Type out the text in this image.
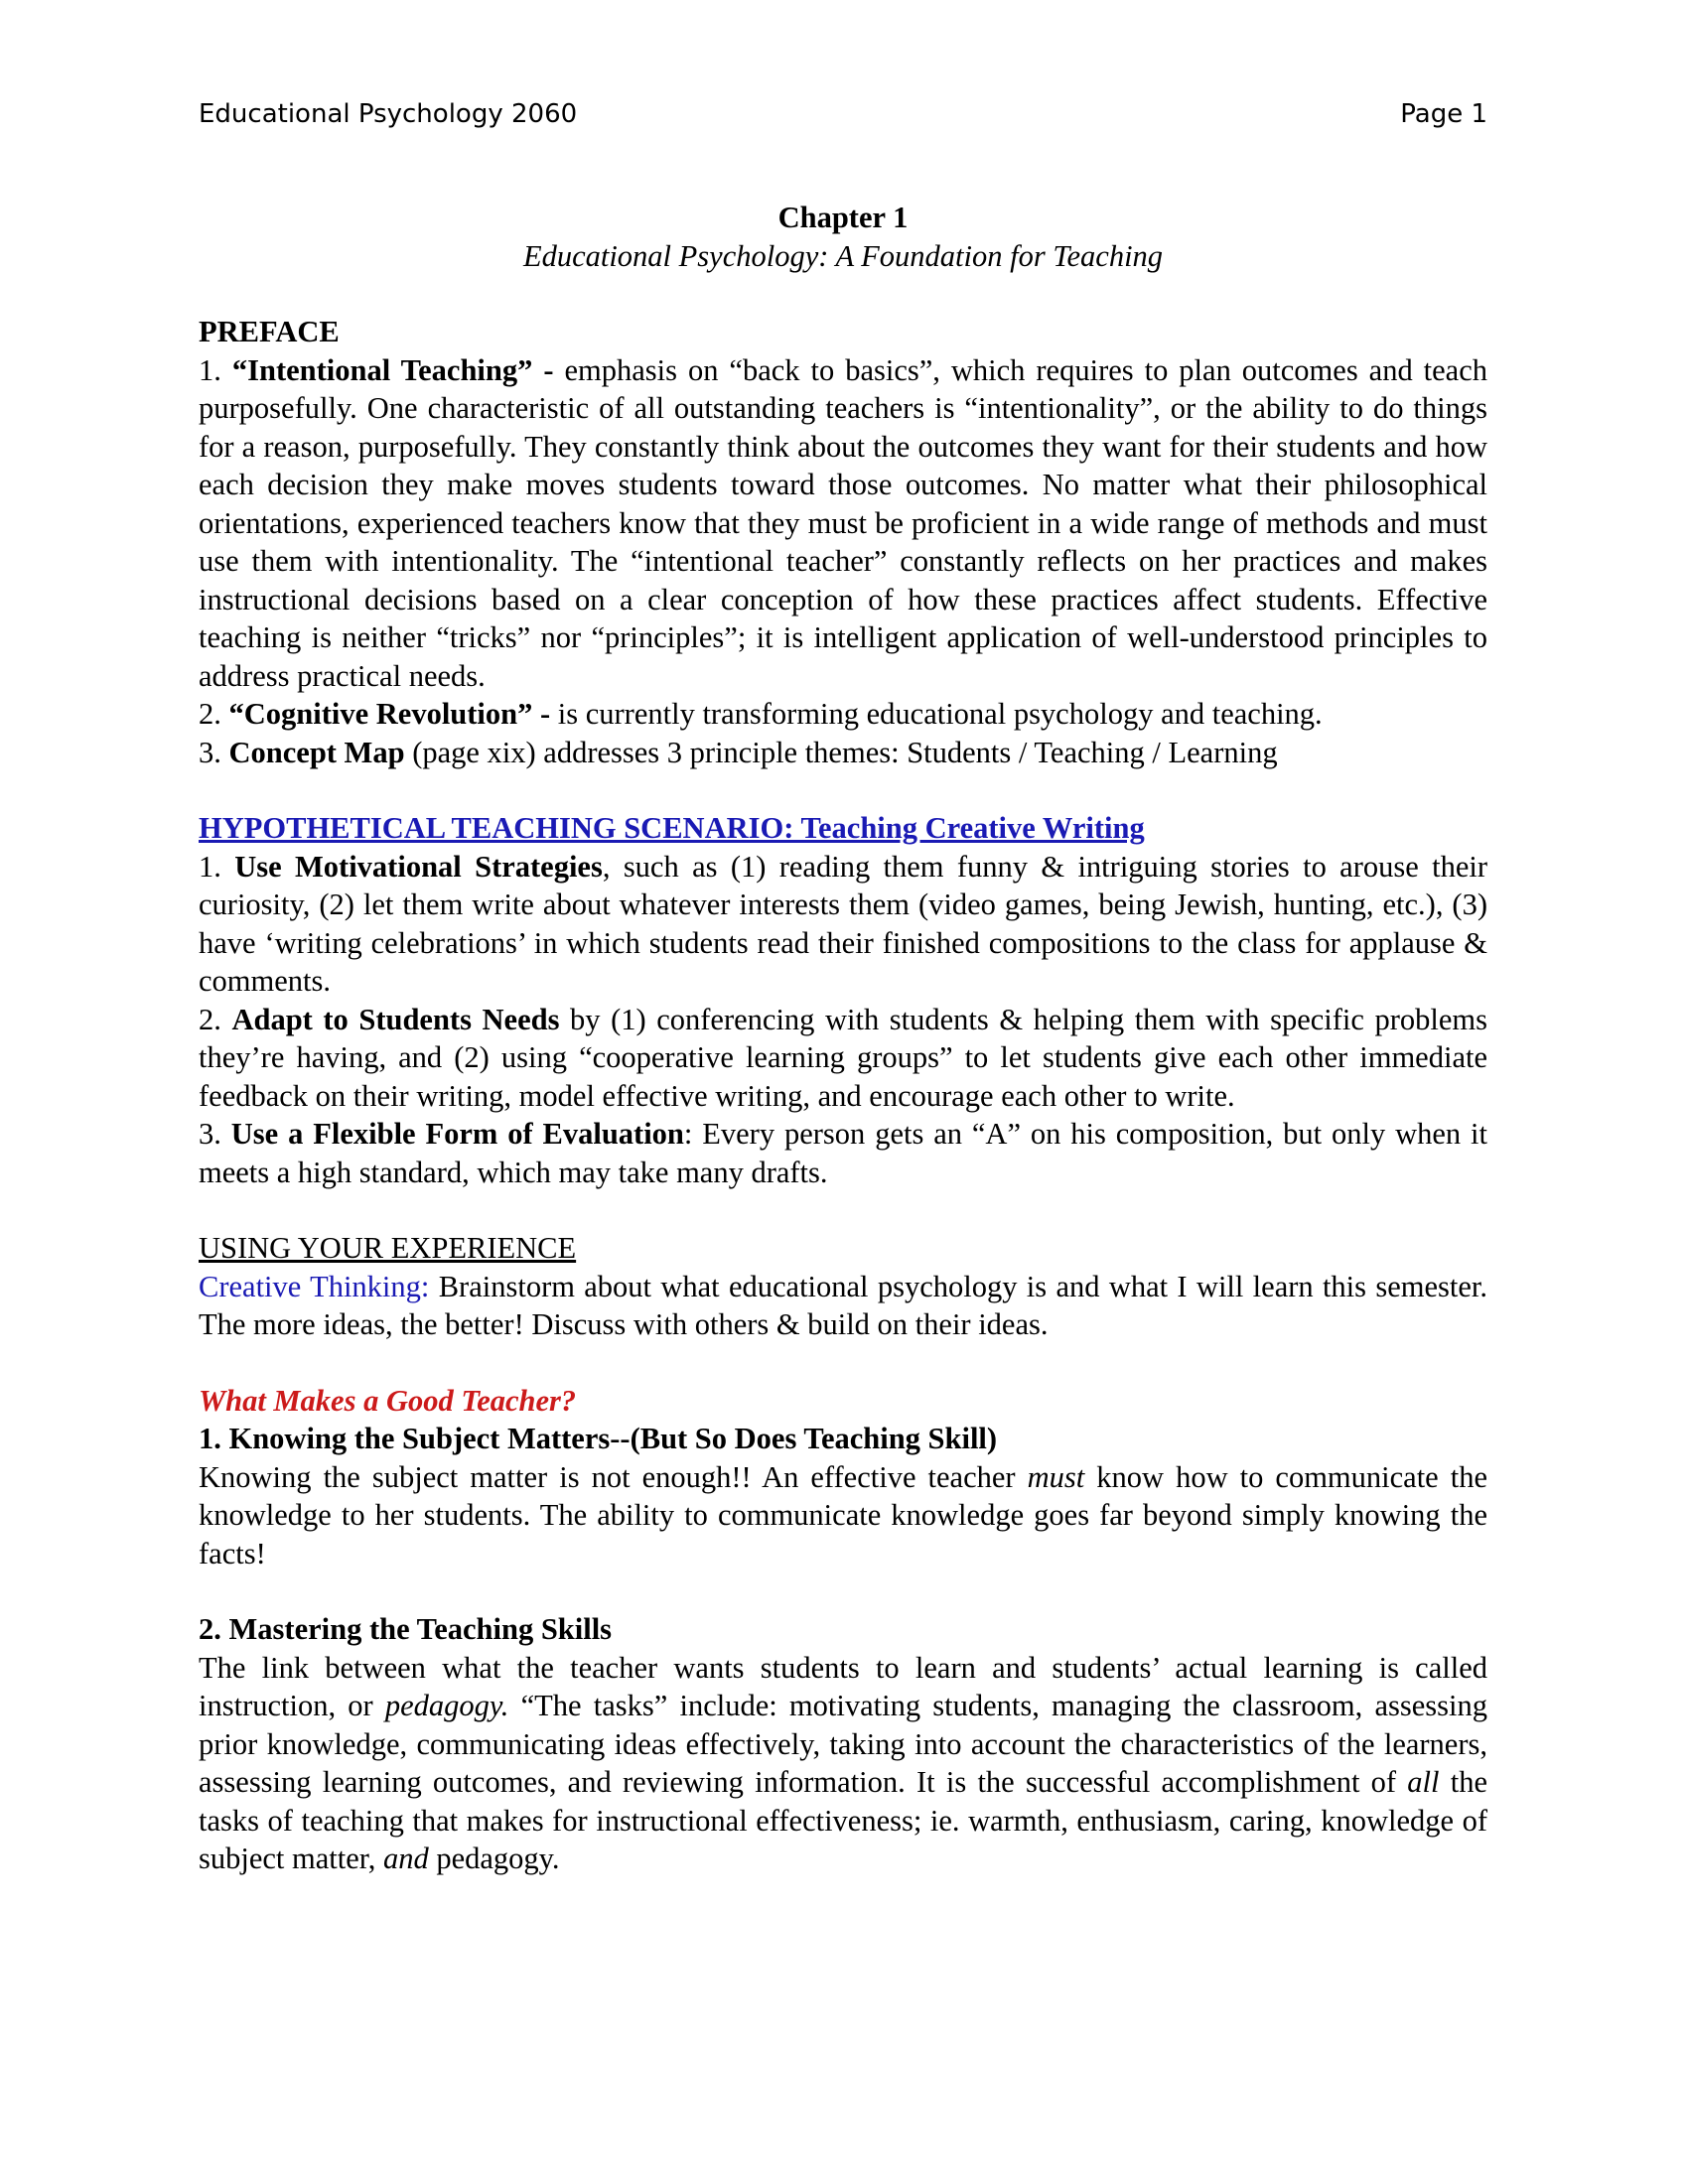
Educational Psychology 2060	Page 1

Chapter 1

Educational Psychology: A Foundation for Teaching

PREFACE

1. “Intentional Teaching” - emphasis on “back to basics”, which requires to plan outcomes and teach purposefully. One characteristic of all outstanding teachers is “intentionality”, or the ability to do things for a reason, purposefully. They constantly think about the outcomes they want for their students and how each decision they make moves students toward those outcomes. No matter what their philosophical orientations, experienced teachers know that they must be proficient in a wide range of methods and must use them with intentionality. The “intentional teacher” constantly reflects on her practices and makes instructional decisions based on a clear conception of how these practices affect students. Effective teaching is neither “tricks” nor “principles”; it is intelligent application of well-understood principles to address practical needs.

2. “Cognitive Revolution” - is currently transforming educational psychology and teaching.

3. Concept Map (page xix) addresses 3 principle themes: Students / Teaching / Learning

HYPOTHETICAL TEACHING SCENARIO: Teaching Creative Writing

1. Use Motivational Strategies, such as (1) reading them funny & intriguing stories to arouse their curiosity, (2) let them write about whatever interests them (video games, being Jewish, hunting, etc.), (3) have ‘writing celebrations’ in which students read their finished compositions to the class for applause & comments.

2. Adapt to Students Needs by (1) conferencing with students & helping them with specific problems they’re having, and (2) using “cooperative learning groups” to let students give each other immediate feedback on their writing, model effective writing, and encourage each other to write.

3. Use a Flexible Form of Evaluation: Every person gets an “A” on his composition, but only when it meets a high standard, which may take many drafts.

USING YOUR EXPERIENCE

Creative Thinking: Brainstorm about what educational psychology is and what I will learn this semester. The more ideas, the better! Discuss with others & build on their ideas.

What Makes a Good Teacher?

1. Knowing the Subject Matters--(But So Does Teaching Skill)

Knowing the subject matter is not enough!! An effective teacher must know how to communicate the knowledge to her students. The ability to communicate knowledge goes far beyond simply knowing the facts!

2. Mastering the Teaching Skills

The link between what the teacher wants students to learn and students’ actual learning is called instruction, or pedagogy. “The tasks” include: motivating students, managing the classroom, assessing prior knowledge, communicating ideas effectively, taking into account the characteristics of the learners, assessing learning outcomes, and reviewing information. It is the successful accomplishment of all the tasks of teaching that makes for instructional effectiveness; ie. warmth, enthusiasm, caring, knowledge of subject matter, and pedagogy.
